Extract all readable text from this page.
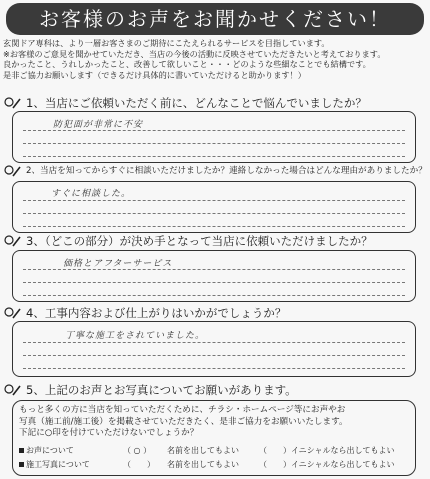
お客様のお声をお聞かせください！
玄関ドア専科は、より一層お客さまのご期待にこたえられるサービスを目指しています。
※お客様のご意見を聞かせていただき、当店の今後の活動に反映させていただきたいと考えております。
良かったこと、うれしかったこと、改善して欲しいこと・・・どのような些細なことでも結構です。
是非ご協力お願いします（できるだけ具体的に書いていただけると助かります！）
1、当店にご依頼いただく前に、どんなことで悩んでいましたか？
防犯面が非常に不安
2、当店を知ってからすぐに相談いただけましたか？連絡しなかった場合はどんな理由がありましたか？
すぐに相談した。
3、（どこの部分）が決め手となって当店に依頼いただけましたか？
価格とアフターサービス
4、工事内容および仕上がりはいかがでしょうか？
丁寧な施工をされていました。
5、上記のお声とお写真についてお願いがあります。
もっと多くの方に当店を知っていただくために、チラシ・ホームページ等にお声やお
写真（施工前/施工後）を掲載させていただきたく、是非ご協力をお願いいたします。
下記に○印を付けていただけないでしょうか？
お声について	（ ○ ） 名前を出してもよい	（　　） イニシャルなら出してもよい
施工写真について	（　　） 名前を出してもよい	（　　） イニシャルなら出してもよい
